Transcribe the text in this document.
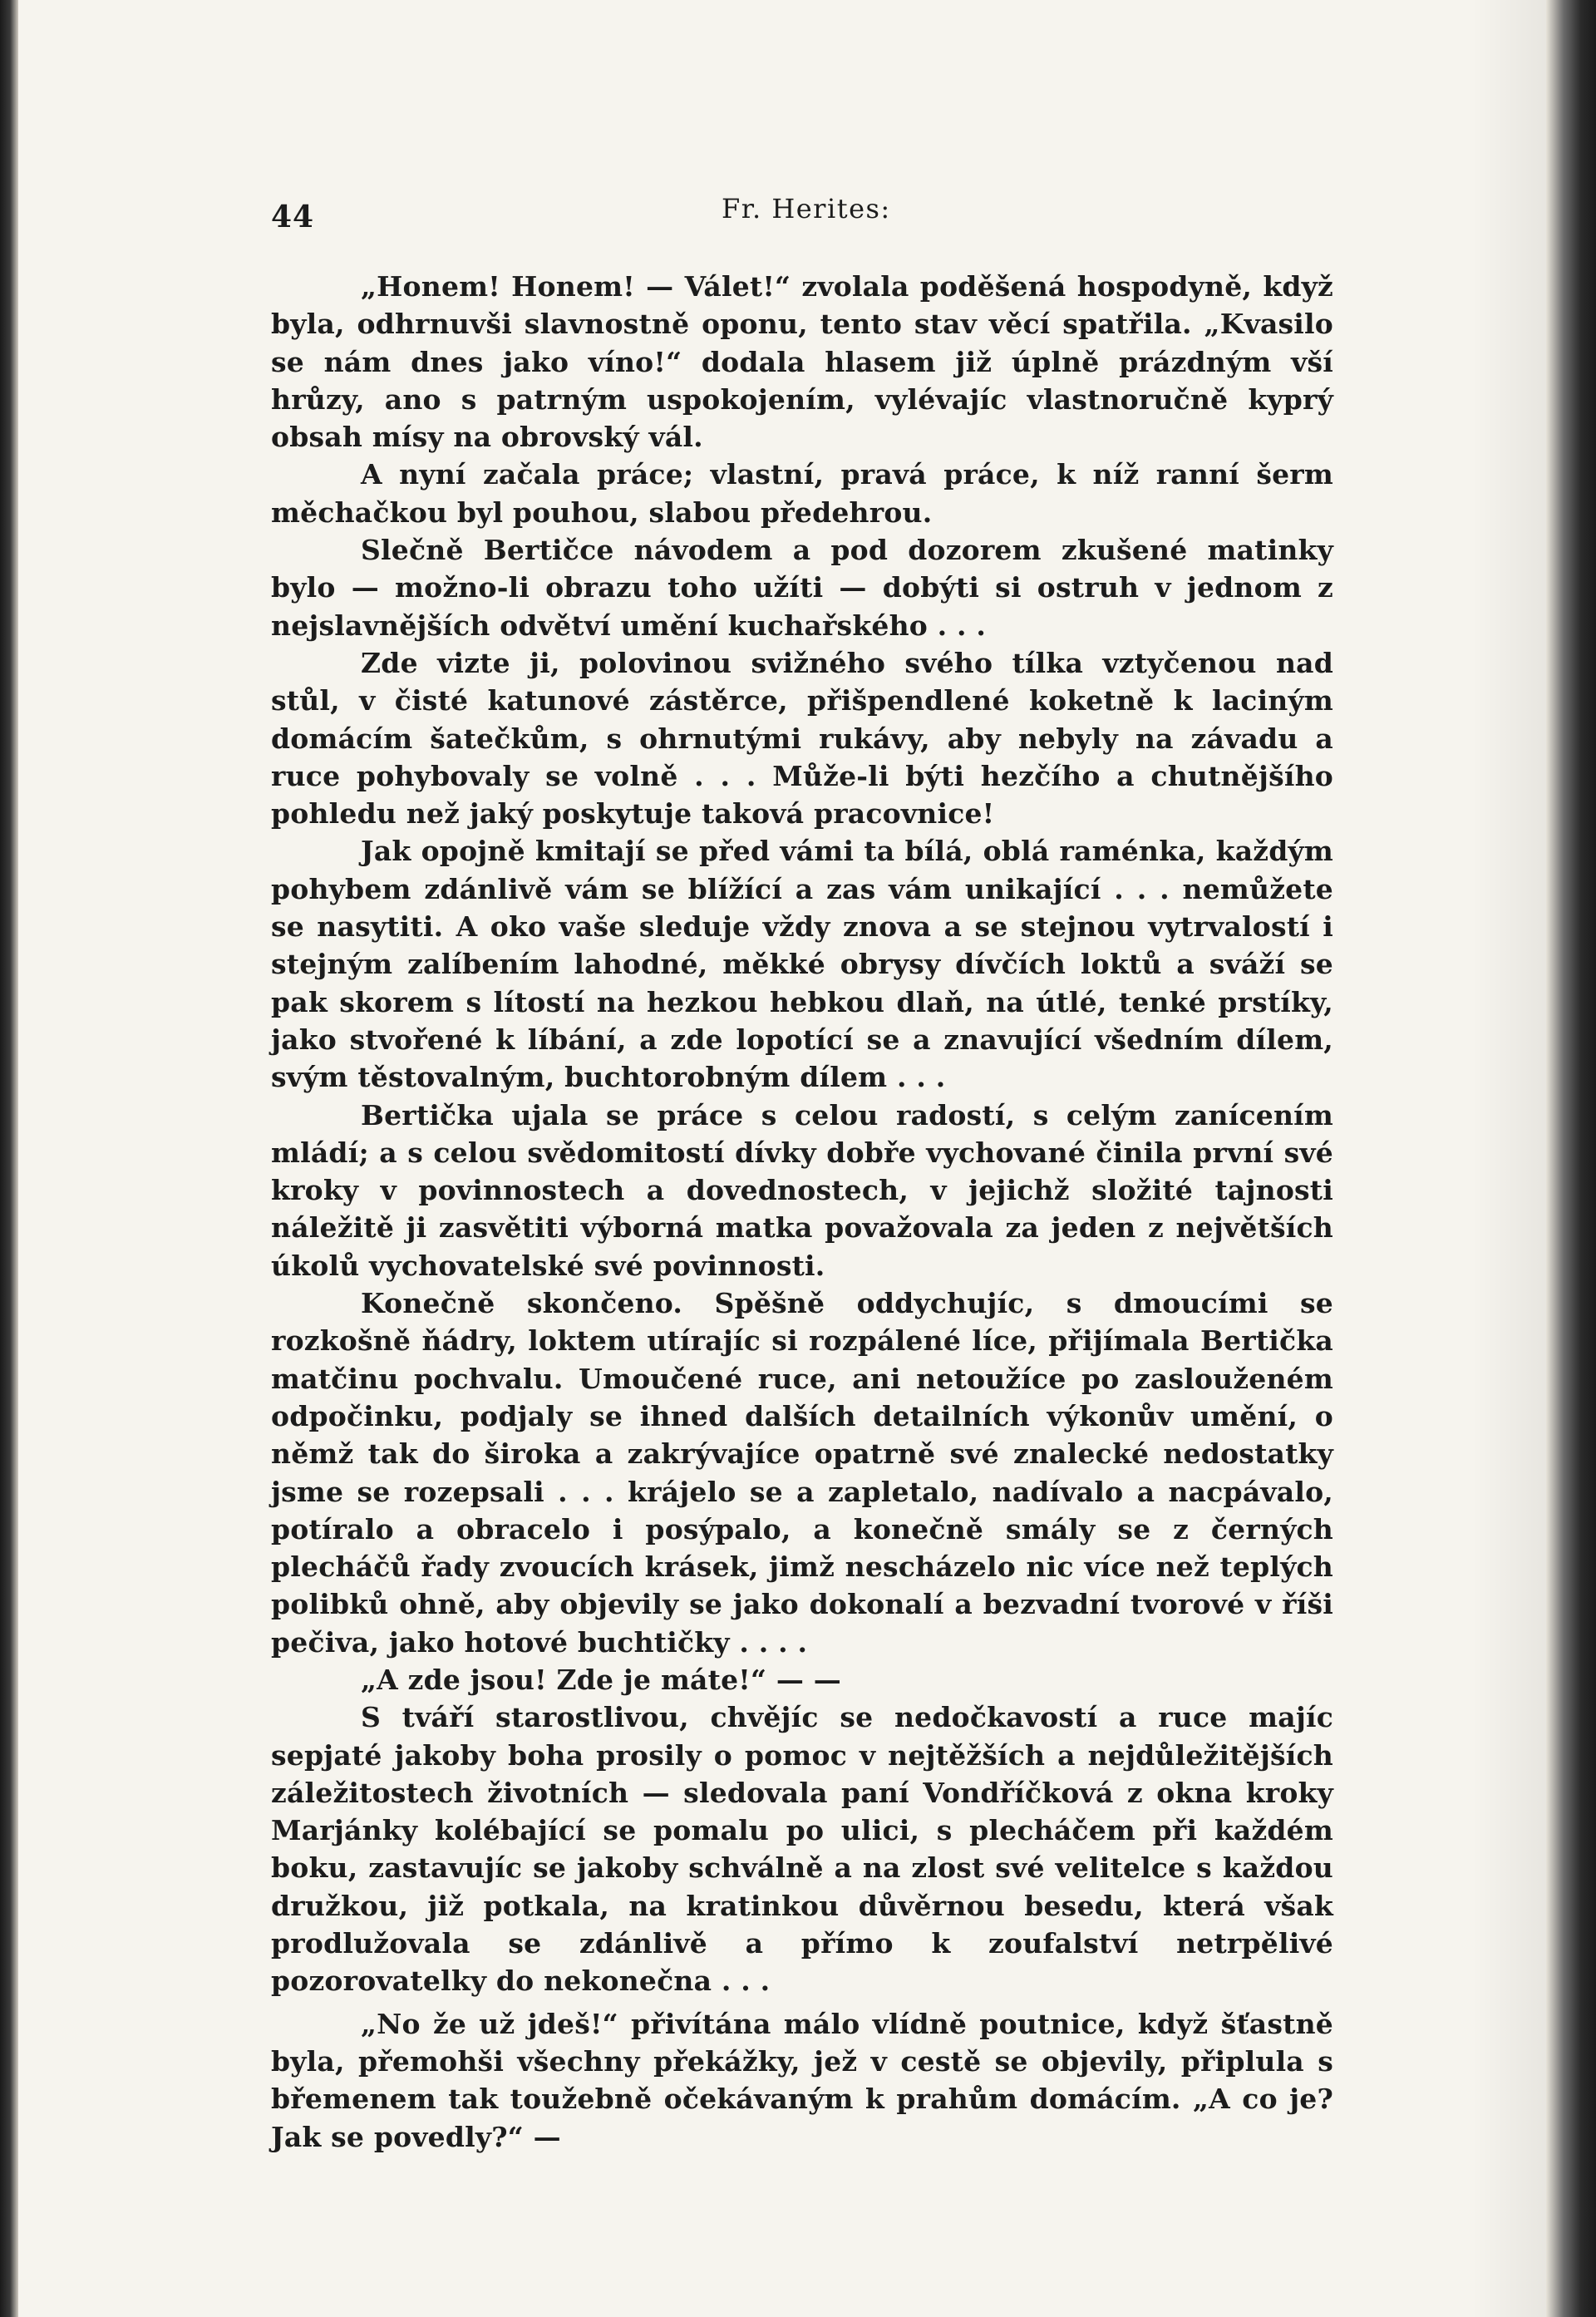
44	Fr. Herites:

„Honem! Honem! — Válet!“ zvolala poděšená hospodyně, když byla, odhrnuvši slavnostně oponu, tento stav věcí spatřila. „Kvasilo se nám dnes jako víno!“ dodala hlasem již úplně prázdným vší hrůzy, ano s patrným uspokojením, vylévajíc vlastnoručně kyprý obsah mísy na obrovský vál.

A nyní začala práce; vlastní, pravá práce, k níž ranní šerm měchačkou byl pouhou, slabou předehrou.

Slečně Bertičce návodem a pod dozorem zkušené matinky bylo — možno-li obrazu toho užíti — dobýti si ostruh v jednom z nejslavnějších odvětví umění kuchařského . . .

Zde vizte ji, polovinou svižného svého tílka vztyčenou nad stůl, v čisté katunové zástěrce, přišpendlené koketně k laciným domácím šatečkům, s ohrnutými rukávy, aby nebyly na závadu a ruce pohybovaly se volně . . . Může-li býti hezčího a chutnějšího pohledu než jaký poskytuje taková pracovnice!

Jak opojně kmitají se před vámi ta bílá, oblá raménka, každým pohybem zdánlivě vám se blížící a zas vám unikající . . . nemůžete se nasytiti. A oko vaše sleduje vždy znova a se stejnou vytrvalostí i stejným zalíbením lahodné, měkké obrysy dívčích loktů a sváží se pak skorem s lítostí na hezkou hebkou dlaň, na útlé, tenké prstíky, jako stvořené k líbání, a zde lopotící se a znavující všedním dílem, svým těstovalným, buchtorobným dílem . . .

Bertička ujala se práce s celou radostí, s celým zanícením mládí; a s celou svědomitostí dívky dobře vychované činila první své kroky v povinnostech a dovednostech, v jejichž složité tajnosti náležitě ji zasvětiti výborná matka považovala za jeden z největších úkolů vychovatelské své povinnosti.

Konečně skončeno. Spěšně oddychujíc, s dmoucími se rozkošně ňádry, loktem utírajíc si rozpálené líce, přijímala Bertička matčinu pochvalu. Umoučené ruce, ani netoužíce po zaslouženém odpočinku, podjaly se ihned dalších detailních výkonův umění, o němž tak do široka a zakrývajíce opatrně své znalecké nedostatky jsme se rozepsali . . . krájelo se a zapletalo, nadívalo a nacpávalo, potíralo a obracelo i posýpalo, a konečně smály se z černých plecháčů řady zvoucích krásek, jimž nescházelo nic více než teplých polibků ohně, aby objevily se jako dokonalí a bezvadní tvorové v říši pečiva, jako hotové buchtičky . . . .

„A zde jsou! Zde je máte!“ — —

S tváří starostlivou, chvějíc se nedočkavostí a ruce majíc sepjaté jakoby boha prosily o pomoc v nejtěžších a nejdůležitějších záležitostech životních — sledovala paní Vondříčková z okna kroky Marjánky kolébající se pomalu po ulici, s plecháčem při každém boku, zastavujíc se jakoby schválně a na zlost své velitelce s každou družkou, již potkala, na kratinkou důvěrnou besedu, která však prodlužovala se zdánlivě a přímo k zoufalství netrpělivé pozorovatelky do nekonečna . . .

„No že už jdeš!“ přivítána málo vlídně poutnice, když šťastně byla, přemohši všechny překážky, jež v cestě se objevily, připlula s břemenem tak toužebně očekávaným k prahům domácím. „A co je? Jak se povedly?“ —
